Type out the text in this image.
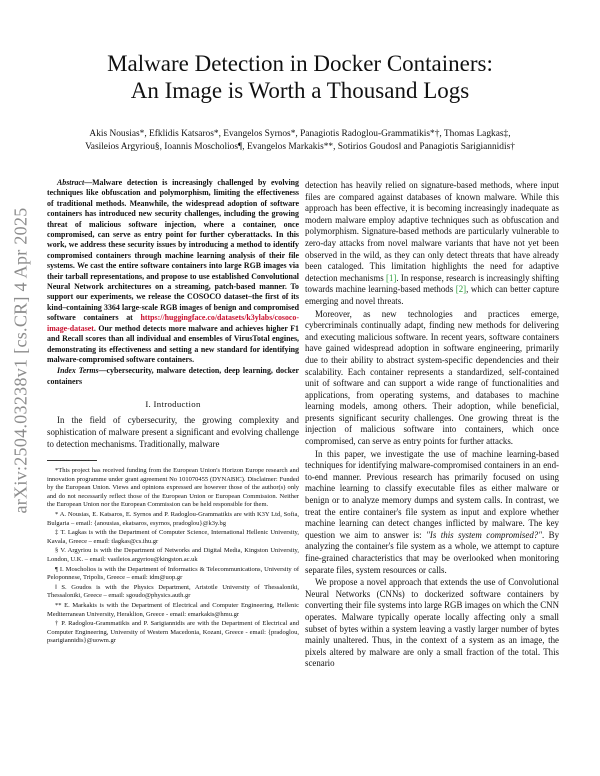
arXiv:2504.03238v1 [cs.CR] 4 Apr 2025
Malware Detection in Docker Containers:
An Image is Worth a Thousand Logs
Akis Nousias*, Efklidis Katsaros*, Evangelos Syrnos*, Panagiotis Radoglou-Grammatikis*†, Thomas Lagkas‡,
Vasileios Argyriou§, Ioannis Moscholios¶, Evangelos Markakis**, Sotirios Goudos‖ and Panagiotis Sarigiannidis†

Abstract—Malware detection is increasingly challenged by evolving techniques like obfuscation and polymorphism, limiting the effectiveness of traditional methods. Meanwhile, the widespread adoption of software containers has introduced new security challenges, including the growing threat of malicious software injection, where a container, once compromised, can serve as entry point for further cyberattacks. In this work, we address these security issues by introducing a method to identify compromised containers through machine learning analysis of their file systems. We cast the entire software containers into large RGB images via their tarball representations, and propose to use established Convolutional Neural Network architectures on a streaming, patch-based manner. To support our experiments, we release the COSOCO dataset–the first of its kind–containing 3364 large-scale RGB images of benign and compromised software containers at https://huggingface.co/datasets/k3ylabs/cosoco-image-dataset. Our method detects more malware and achieves higher F1 and Recall scores than all individual and ensembles of VirusTotal engines, demonstrating its effectiveness and setting a new standard for identifying malware-compromised software containers.

Index Terms—cybersecurity, malware detection, deep learning, docker containers

I. Introduction

In the field of cybersecurity, the growing complexity and sophistication of malware present a significant and evolving challenge to detection mechanisms. Traditionally, malware

*This project has received funding from the European Union's Horizon Europe research and innovation programme under grant agreement No 101070455 (DYNABIC). Disclaimer: Funded by the European Union. Views and opinions expressed are however those of the author(s) only and do not necessarily reflect those of the European Union or European Commission. Neither the European Union nor the European Commission can be held responsible for them.

* A. Nousias, E. Katsaros, E. Syrnos and P. Radoglou-Grammatikis are with K3Y Ltd, Sofia, Bulgaria – email: {anousias, ekatsaros, esyrnos, pradoglou}@k3y.bg

‡ T. Lagkas is with the Department of Computer Science, International Hellenic University, Kavala, Greece – email: tlagkas@cs.ihu.gr

§ V. Argyriou is with the Department of Networks and Digital Media, Kingston University, London, U.K. – email: vasileios.argyriou@kingston.ac.uk

¶ I. Moscholios is with the Department of Informatics & Telecommunications, University of Peloponnese, Tripolis, Greece – email: idm@uop.gr

‖ S. Goudos is with the Physics Department, Aristotle University of Thessaloniki, Thessaloniki, Greece – email: sgoudo@physics.auth.gr

** E. Markakis is with the Department of Electrical and Computer Engineering, Hellenic Mediterranean University, Heraklion, Greece - email: emarkakis@hmu.gr

† P. Radoglou-Grammatikis and P. Sarigiannidis are with the Department of Electrical and Computer Engineering, University of Western Macedonia, Kozani, Greece - email: {pradoglou, psarigiannidis}@uowm.gr

detection has heavily relied on signature-based methods, where input files are compared against databases of known malware. While this approach has been effective, it is becoming increasingly inadequate as modern malware employ adaptive techniques such as obfuscation and polymorphism. Signature-based methods are particularly vulnerable to zero-day attacks from novel malware variants that have not yet been observed in the wild, as they can only detect threats that have already been cataloged. This limitation highlights the need for adaptive detection mechanisms [1]. In response, research is increasingly shifting towards machine learning-based methods [2], which can better capture emerging and novel threats.

Moreover, as new technologies and practices emerge, cybercriminals continually adapt, finding new methods for delivering and executing malicious software. In recent years, software containers have gained widespread adoption in software engineering, primarily due to their ability to abstract system-specific dependencies and their scalability. Each container represents a standardized, self-contained unit of software and can support a wide range of functionalities and applications, from operating systems, and databases to machine learning models, among others. Their adoption, while beneficial, presents significant security challenges. One growing threat is the injection of malicious software into containers, which once compromised, can serve as entry points for further attacks.

In this paper, we investigate the use of machine learning-based techniques for identifying malware-compromised containers in an end-to-end manner. Previous research has primarily focused on using machine learning to classify executable files as either malware or benign or to analyze memory dumps and system calls. In contrast, we treat the entire container's file system as input and explore whether machine learning can detect changes inflicted by malware. The key question we aim to answer is: "Is this system compromised?". By analyzing the container's file system as a whole, we attempt to capture fine-grained characteristics that may be overlooked when monitoring separate files, system resources or calls.

We propose a novel approach that extends the use of Convolutional Neural Networks (CNNs) to dockerized software containers by converting their file systems into large RGB images on which the CNN operates. Malware typically operate locally affecting only a small subset of bytes within a system leaving a vastly larger number of bytes mainly unaltered. Thus, in the context of a system as an image, the pixels altered by malware are only a small fraction of the total. This scenario
